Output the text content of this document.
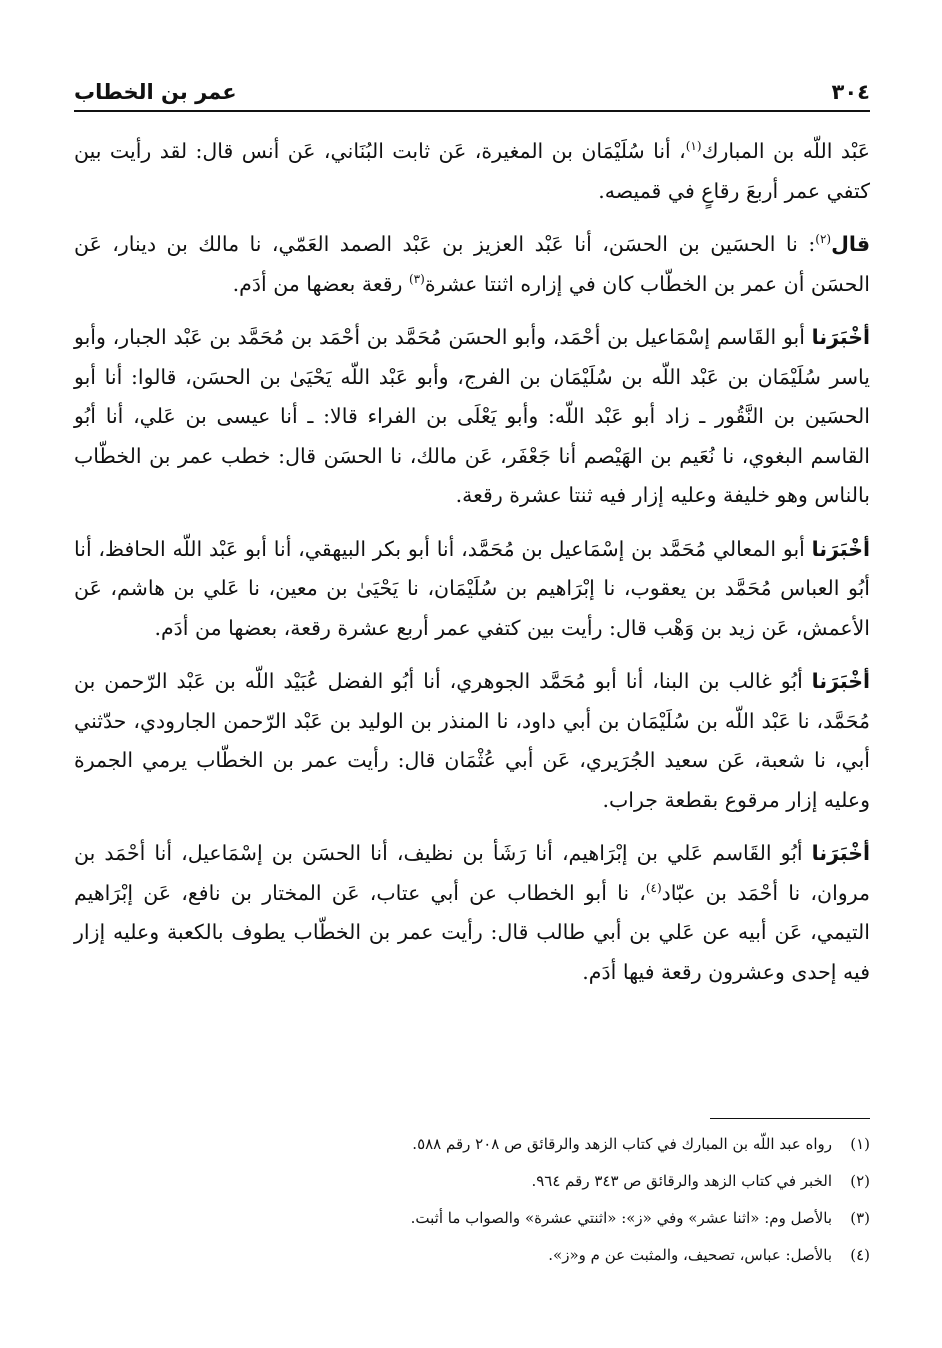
٣٠٤
عمر بن الخطاب

عَبْد اللّه بن المبارك$^{(١)}$، أنا سُلَيْمَان بن المغيرة، عَن ثابت البُنَاني، عَن أنس قال: لقد رأيت بين كتفي عمر أربعَ رقاعٍ في قميصه.

قال$^{(٢)}$: نا الحسَين بن الحسَن، أنا عَبْد العزيز بن عَبْد الصمد العَمّي، نا مالك بن دينار، عَن الحسَن أن عمر بن الخطّاب كان في إزاره اثنتا عشرة$^{(٣)}$ رقعة بعضها من أدَم.

أخْبَرَنا أبو القَاسم إسْمَاعيل بن أحْمَد، وأبو الحسَن مُحَمَّد بن أحْمَد بن مُحَمَّد بن عَبْد الجبار، وأبو ياسر سُلَيْمَان بن عَبْد اللّه بن سُلَيْمَان بن الفرج، وأبو عَبْد اللّه يَحْيَىٰ بن الحسَن، قالوا: أنا أبو الحسَين بن النَّقُور ـ زاد أبو عَبْد اللّه: وأبو يَعْلَى بن الفراء قالا: ـ أنا عيسى بن عَلي، أنا أبُو القاسم البغوي، نا نُعَيم بن الهَيْصم أنا جَعْفَر، عَن مالك، نا الحسَن قال: خطب عمر بن الخطّاب بالناس وهو خليفة وعليه إزار فيه ثنتا عشرة رقعة.

أخْبَرَنا أبو المعالي مُحَمَّد بن إسْمَاعيل بن مُحَمَّد، أنا أبو بكر البيهقي، أنا أبو عَبْد اللّه الحافظ، أنا أبُو العباس مُحَمَّد بن يعقوب، نا إبْرَاهيم بن سُلَيْمَان، نا يَحْيَىٰ بن معين، نا عَلي بن هاشم، عَن الأعمش، عَن زيد بن وَهْب قال: رأيت بين كتفي عمر أربع عشرة رقعة، بعضها من أدَم.

أخْبَرَنا أبُو غالب بن البنا، أنا أبو مُحَمَّد الجوهري، أنا أبُو الفضل عُبَيْد اللّه بن عَبْد الرّحمن بن مُحَمَّد، نا عَبْد اللّه بن سُلَيْمَان بن أبي داود، نا المنذر بن الوليد بن عَبْد الرّحمن الجارودي، حدّثني أبي، نا شعبة، عَن سعيد الجُرَيري، عَن أبي عُثْمَان قال: رأيت عمر بن الخطّاب يرمي الجمرة وعليه إزار مرقوع بقطعة جراب.

أخْبَرَنا أبُو القَاسم عَلي بن إبْرَاهيم، أنا رَشَأ بن نظيف، أنا الحسَن بن إسْمَاعيل، أنا أحْمَد بن مروان، نا أحْمَد بن عبّاد$^{(٤)}$، نا أبو الخطاب عن أبي عتاب، عَن المختار بن نافع، عَن إبْرَاهيم التيمي، عَن أبيه عن عَلي بن أبي طالب قال: رأيت عمر بن الخطّاب يطوف بالكعبة وعليه إزار فيه إحدى وعشرون رقعة فيها أدَم.

(١)
رواه عبد اللّه بن المبارك في كتاب الزهد والرقائق ص ٢٠٨ رقم ٥٨٨.
(٢)
الخبر في كتاب الزهد والرقائق ص ٣٤٣ رقم ٩٦٤.
(٣)
بالأصل وم: «اثنا عشر» وفي «ز»: «اثنتي عشرة» والصواب ما أثبت.
(٤)
بالأصل: عباس، تصحيف، والمثبت عن م و«ز».
